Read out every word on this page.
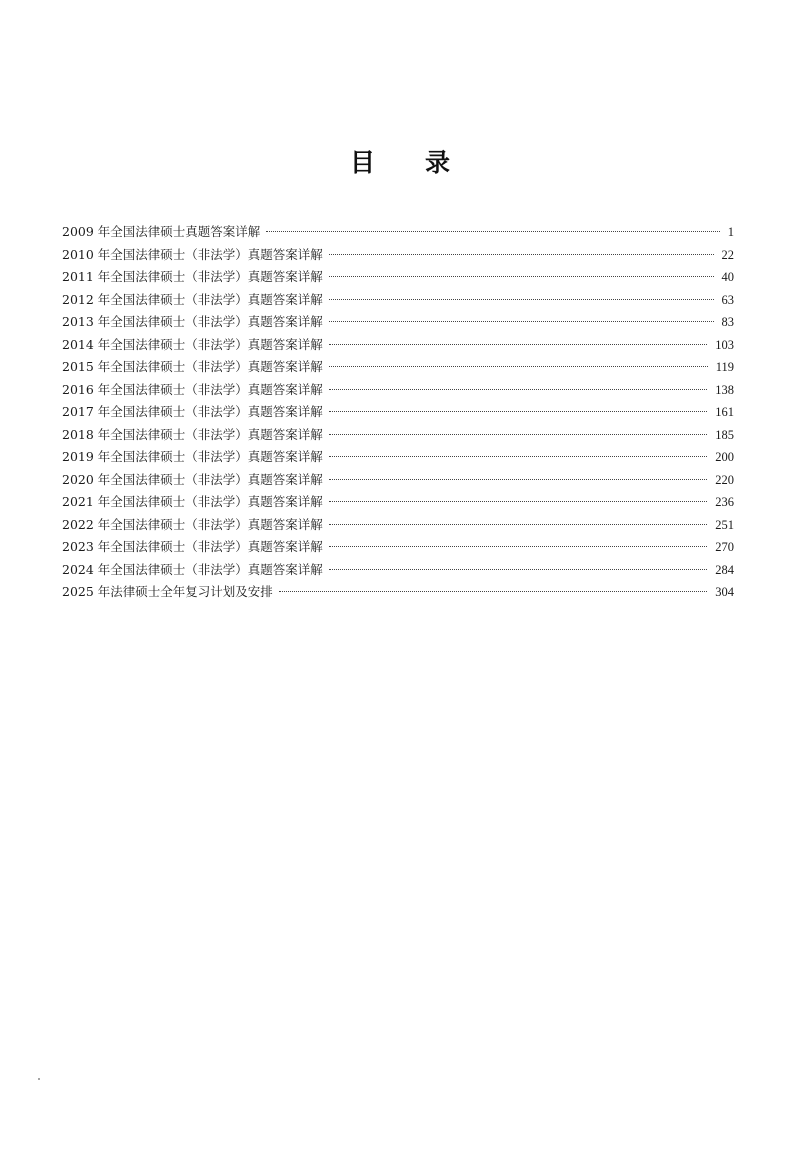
目 录
2009 年全国法律硕士真题答案详解	1
2010 年全国法律硕士（非法学）真题答案详解	22
2011 年全国法律硕士（非法学）真题答案详解	40
2012 年全国法律硕士（非法学）真题答案详解	63
2013 年全国法律硕士（非法学）真题答案详解	83
2014 年全国法律硕士（非法学）真题答案详解	103
2015 年全国法律硕士（非法学）真题答案详解	119
2016 年全国法律硕士（非法学）真题答案详解	138
2017 年全国法律硕士（非法学）真题答案详解	161
2018 年全国法律硕士（非法学）真题答案详解	185
2019 年全国法律硕士（非法学）真题答案详解	200
2020 年全国法律硕士（非法学）真题答案详解	220
2021 年全国法律硕士（非法学）真题答案详解	236
2022 年全国法律硕士（非法学）真题答案详解	251
2023 年全国法律硕士（非法学）真题答案详解	270
2024 年全国法律硕士（非法学）真题答案详解	284
2025 年法律硕士全年复习计划及安排	304
